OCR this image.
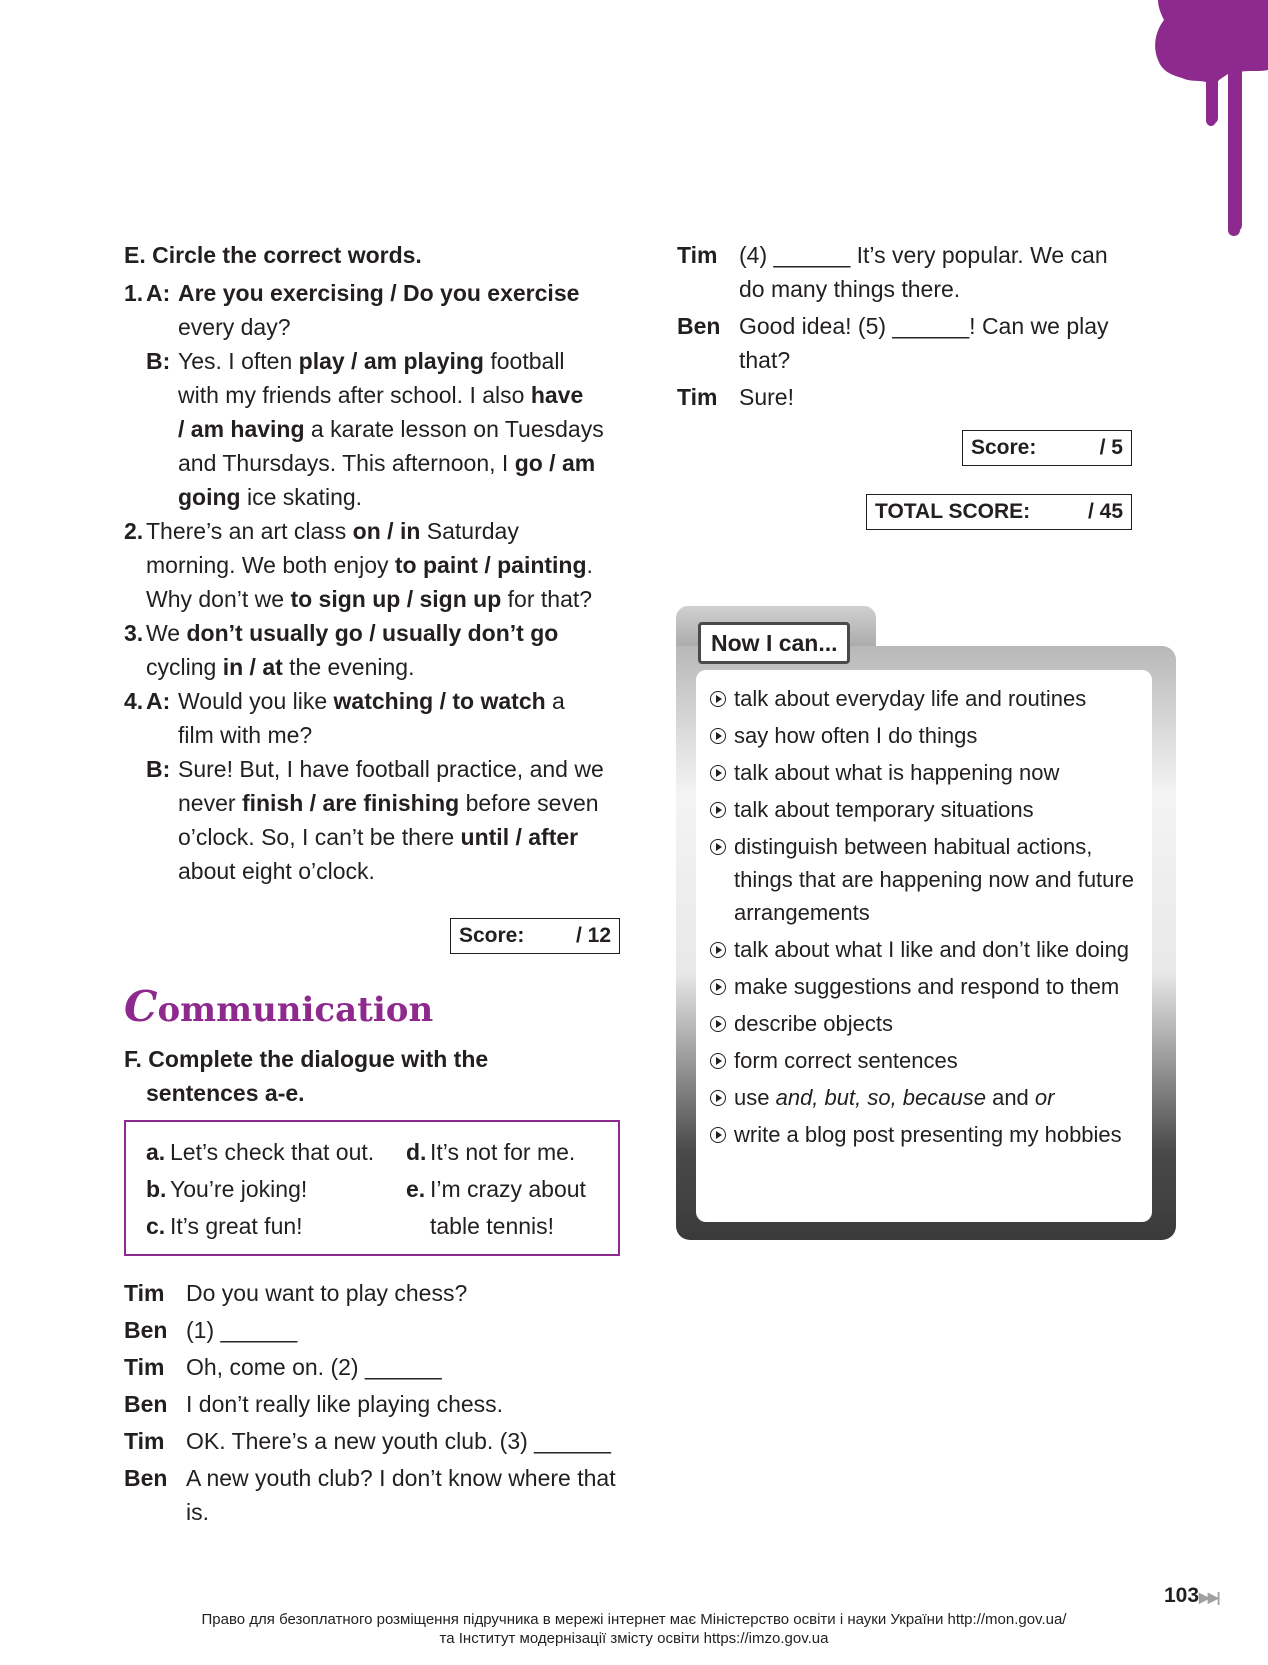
E. Circle the correct words.
1. A: Are you exercising / Do you exercise
every day?
B: Yes. I often play / am playing football
with my friends after school. I also have
/ am having a karate lesson on Tuesdays
and Thursdays. This afternoon, I go / am
going ice skating.
2. There’s an art class on / in Saturday
morning. We both enjoy to paint / painting.
Why don’t we to sign up / sign up for that?
3. We don’t usually go / usually don’t go
cycling in / at the evening.
4. A: Would you like watching / to watch a
film with me?
B: Sure! But, I have football practice, and we
never finish / are finishing before seven
o’clock. So, I can’t be there until / after
about eight o’clock.
Score: / 12
Communication
F. Complete the dialogue with the
sentences a-e.
a. Let’s check that out.
b. You’re joking!
c. It’s great fun!
d. It’s not for me.
e. I’m crazy about table tennis!
Tim Do you want to play chess?
Ben (1) ______
Tim Oh, come on. (2) ______
Ben I don’t really like playing chess.
Tim OK. There’s a new youth club. (3) ______
Ben A new youth club? I don’t know where that is.
Tim (4) ______ It’s very popular. We can do many things there.
Ben Good idea! (5) ______! Can we play that?
Tim Sure!
Score:	/ 5
TOTAL SCORE:	/ 45
Now I can...
talk about everyday life and routines
say how often I do things
talk about what is happening now
talk about temporary situations
distinguish between habitual actions, things that are happening now and future arrangements
talk about what I like and don’t like doing
make suggestions and respond to them
describe objects
form correct sentences
use and, but, so, because and or
write a blog post presenting my hobbies
103▶▶|
Право для безоплатного розміщення підручника в мережі інтернет має Міністерство освіти і науки України http://mon.gov.ua/
та Інститут модернізації змісту освіти https://imzo.gov.ua
